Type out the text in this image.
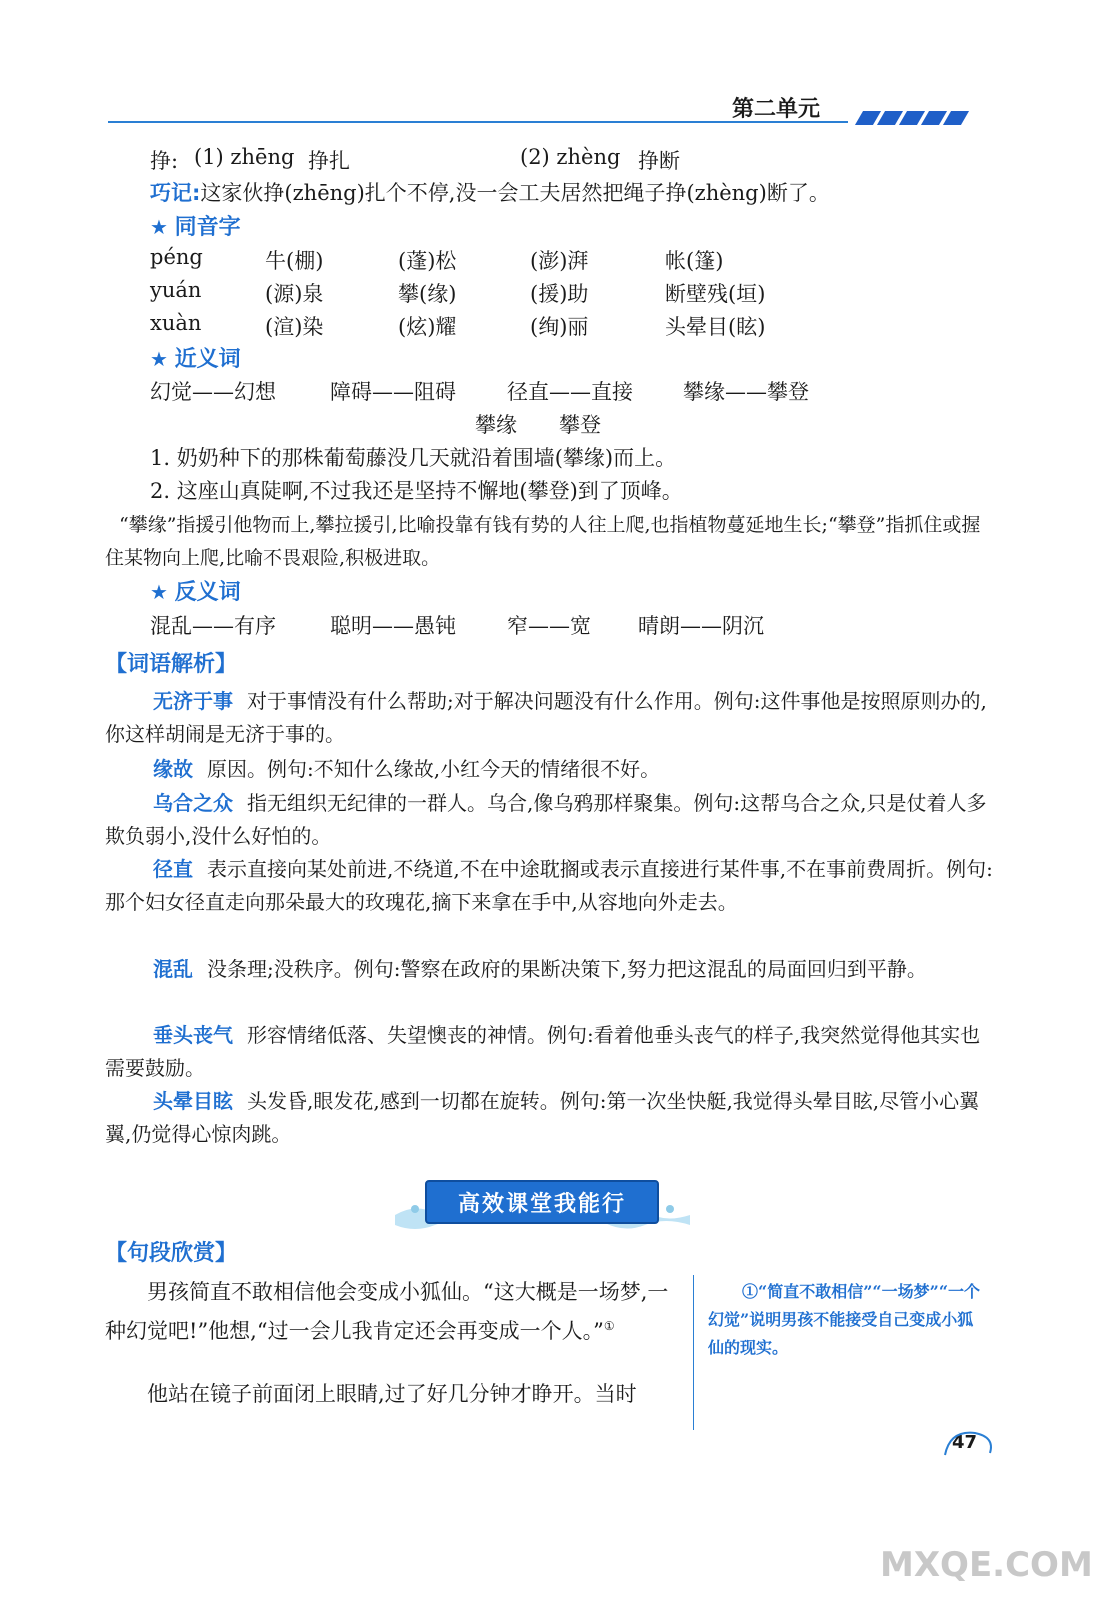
第二单元
挣: (1) zhēng 挣扎	(2) zhèng 挣断
巧记:这家伙挣(zhēng)扎个不停,没一会工夫居然把绳子挣(zhèng)断了。
★ 同音字
péng	牛(棚)	(蓬)松	(澎)湃	帐(篷)
yuán	(源)泉	攀(缘)	(援)助	断壁残(垣)
xuàn	(渲)染	(炫)耀	(绚)丽	头晕目(眩)
★ 近义词
幻觉——幻想	障碍——阻碍 径直——直接 攀缘——攀登
攀缘　　攀登
1. 奶奶种下的那株葡萄藤没几天就沿着围墙(攀缘)而上。
2. 这座山真陡啊,不过我还是坚持不懈地(攀登)到了顶峰。
“攀缘”指援引他物而上,攀拉援引,比喻投靠有钱有势的人往上爬,也指植物蔓延地生长;“攀登”指抓住或握住某物向上爬,比喻不畏艰险,积极进取。
★ 反义词
混乱——有序	聪明——愚钝 窄——宽 晴朗——阴沉
【词语解析】
无济于事 对于事情没有什么帮助;对于解决问题没有什么作用。例句:这件事他是按照原则办的,你这样胡闹是无济于事的。
缘故 原因。例句:不知什么缘故,小红今天的情绪很不好。
乌合之众 指无组织无纪律的一群人。乌合,像乌鸦那样聚集。例句:这帮乌合之众,只是仗着人多欺负弱小,没什么好怕的。
径直 表示直接向某处前进,不绕道,不在中途耽搁或表示直接进行某件事,不在事前费周折。例句:那个妇女径直走向那朵最大的玫瑰花,摘下来拿在手中,从容地向外走去。
混乱 没条理;没秩序。例句:警察在政府的果断决策下,努力把这混乱的局面回归到平静。
垂头丧气 形容情绪低落、失望懊丧的神情。例句:看着他垂头丧气的样子,我突然觉得他其实也需要鼓励。
头晕目眩 头发昏,眼发花,感到一切都在旋转。例句:第一次坐快艇,我觉得头晕目眩,尽管小心翼翼,仍觉得心惊肉跳。
高效课堂我能行
【句段欣赏】
男孩简直不敢相信他会变成小狐仙。“这大概是一场梦,一种幻觉吧!”他想,“过一会儿我肯定还会再变成一个人。”①
他站在镜子前面闭上眼睛,过了好几分钟才睁开。当时
①“简直不敢相信”“一场梦”“一个幻觉”说明男孩不能接受自己变成小狐仙的现实。
47
MXQE.COM
